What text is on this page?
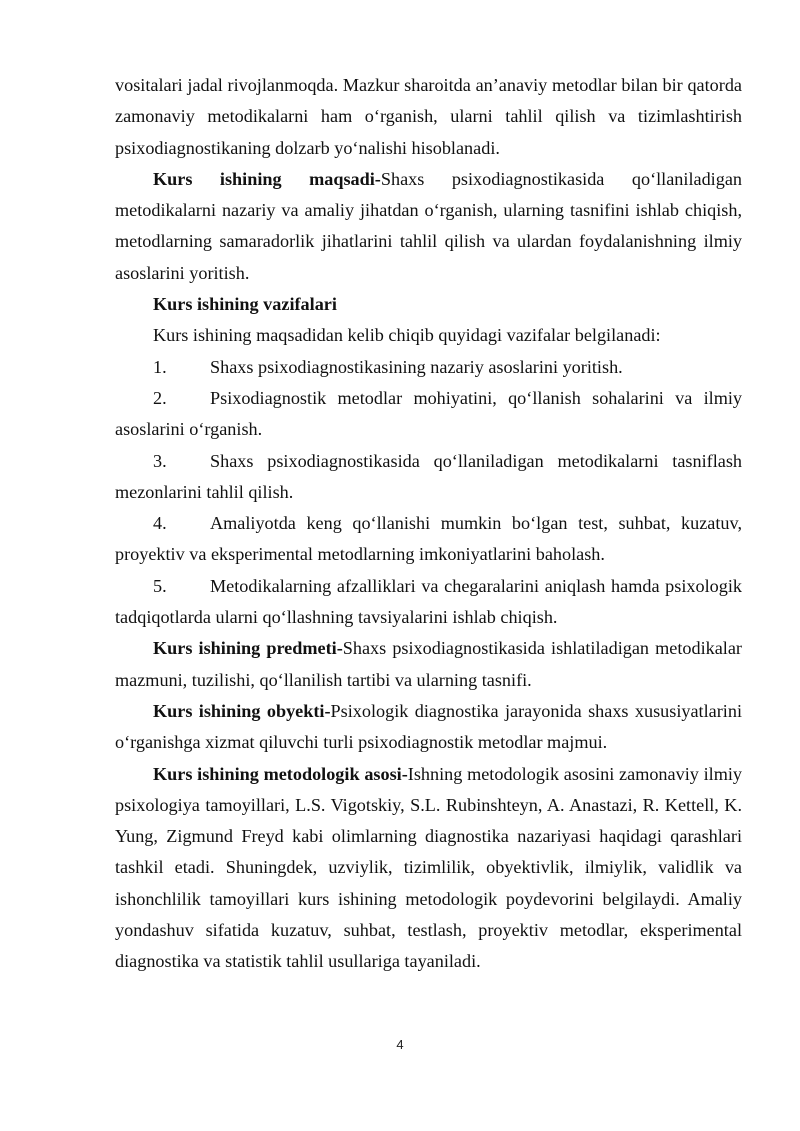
vositalari jadal rivojlanmoqda. Mazkur sharoitda an’anaviy metodlar bilan bir qatorda zamonaviy metodikalarni ham o‘rganish, ularni tahlil qilish va tizimlashtirish psixodiagnostikaning dolzarb yo‘nalishi hisoblanadi.

Kurs ishining maqsadi-Shaxs psixodiagnostikasida qo‘llaniladigan metodikalarni nazariy va amaliy jihatdan o‘rganish, ularning tasnifini ishlab chiqish, metodlarning samaradorlik jihatlarini tahlil qilish va ulardan foydalanishning ilmiy asoslarini yoritish.

Kurs ishining vazifalari

Kurs ishining maqsadidan kelib chiqib quyidagi vazifalar belgilanadi:

1. Shaxs psixodiagnostikasining nazariy asoslarini yoritish.

2. Psixodiagnostik metodlar mohiyatini, qo‘llanish sohalarini va ilmiy asoslarini o‘rganish.

3. Shaxs psixodiagnostikasida qo‘llaniladigan metodikalarni tasniflash mezonlarini tahlil qilish.

4. Amaliyotda keng qo‘llanishi mumkin bo‘lgan test, suhbat, kuzatuv, proyektiv va eksperimental metodlarning imkoniyatlarini baholash.

5. Metodikalarning afzalliklari va chegaralarini aniqlash hamda psixologik tadqiqotlarda ularni qo‘llashning tavsiyalarini ishlab chiqish.

Kurs ishining predmeti-Shaxs psixodiagnostikasida ishlatiladigan metodikalar mazmuni, tuzilishi, qo‘llanilish tartibi va ularning tasnifi.

Kurs ishining obyekti-Psixologik diagnostika jarayonida shaxs xususiyatlarini o‘rganishga xizmat qiluvchi turli psixodiagnostik metodlar majmui.

Kurs ishining metodologik asosi-Ishning metodologik asosini zamonaviy ilmiy psixologiya tamoyillari, L.S. Vigotskiy, S.L. Rubinshteyn, A. Anastazi, R. Kettell, K. Yung, Zigmund Freyd kabi olimlarning diagnostika nazariyasi haqidagi qarashlari tashkil etadi. Shuningdek, uzviylik, tizimlilik, obyektivlik, ilmiylik, validlik va ishonchlilik tamoyillari kurs ishining metodologik poydevorini belgilaydi. Amaliy yondashuv sifatida kuzatuv, suhbat, testlash, proyektiv metodlar, eksperimental diagnostika va statistik tahlil usullariga tayaniladi.

4
